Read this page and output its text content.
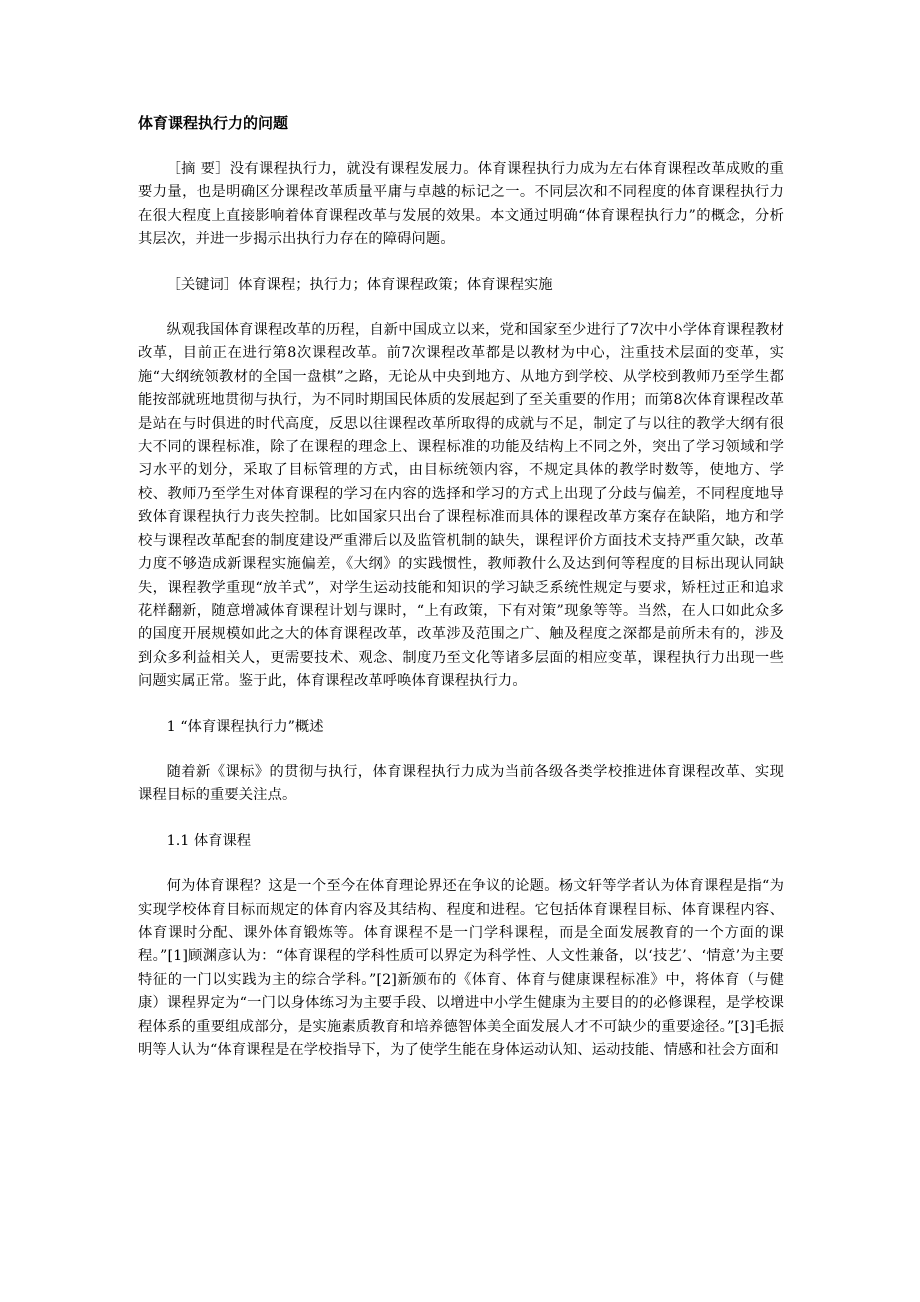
体育课程执行力的问题

［摘 要］没有课程执行力，就没有课程发展力。体育课程执行力成为左右体育课程改革成败的重要力量，也是明确区分课程改革质量平庸与卓越的标记之一。不同层次和不同程度的体育课程执行力在很大程度上直接影响着体育课程改革与发展的效果。本文通过明确“体育课程执行力”的概念，分析其层次，并进一步揭示出执行力存在的障碍问题。

［关键词］体育课程；执行力；体育课程政策；体育课程实施

纵观我国体育课程改革的历程，自新中国成立以来，党和国家至少进行了7次中小学体育课程教材改革，目前正在进行第8次课程改革。前7次课程改革都是以教材为中心，注重技术层面的变革，实施“大纲统领教材的全国一盘棋”之路，无论从中央到地方、从地方到学校、从学校到教师乃至学生都能按部就班地贯彻与执行，为不同时期国民体质的发展起到了至关重要的作用；而第8次体育课程改革是站在与时俱进的时代高度，反思以往课程改革所取得的成就与不足，制定了与以往的教学大纲有很大不同的课程标准，除了在课程的理念上、课程标准的功能及结构上不同之外，突出了学习领域和学习水平的划分，采取了目标管理的方式，由目标统领内容，不规定具体的教学时数等，使地方、学校、教师乃至学生对体育课程的学习在内容的选择和学习的方式上出现了分歧与偏差，不同程度地导致体育课程执行力丧失控制。比如国家只出台了课程标准而具体的课程改革方案存在缺陷，地方和学校与课程改革配套的制度建设严重滞后以及监管机制的缺失，课程评价方面技术支持严重欠缺，改革力度不够造成新课程实施偏差，《大纲》的实践惯性，教师教什么及达到何等程度的目标出现认同缺失，课程教学重现“放羊式”，对学生运动技能和知识的学习缺乏系统性规定与要求，矫枉过正和追求花样翻新，随意增减体育课程计划与课时，“上有政策，下有对策”现象等等。当然，在人口如此众多的国度开展规模如此之大的体育课程改革，改革涉及范围之广、触及程度之深都是前所未有的，涉及到众多利益相关人，更需要技术、观念、制度乃至文化等诸多层面的相应变革，课程执行力出现一些问题实属正常。鉴于此，体育课程改革呼唤体育课程执行力。

1 “体育课程执行力”概述

随着新《课标》的贯彻与执行，体育课程执行力成为当前各级各类学校推进体育课程改革、实现课程目标的重要关注点。

1.1 体育课程

何为体育课程？这是一个至今在体育理论界还在争议的论题。杨文轩等学者认为体育课程是指“为实现学校体育目标而规定的体育内容及其结构、程度和进程。它包括体育课程目标、体育课程内容、体育课时分配、课外体育锻炼等。体育课程不是一门学科课程，而是全面发展教育的一个方面的课程。”[1]顾渊彦认为：“体育课程的学科性质可以界定为科学性、人文性兼备，以‘技艺’、‘情意’为主要特征的一门以实践为主的综合学科。”[2]新颁布的《体育、体育与健康课程标准》中，将体育（与健康）课程界定为“一门以身体练习为主要手段、以增进中小学生健康为主要目的的必修课程，是学校课程体系的重要组成部分，是实施素质教育和培养德智体美全面发展人才不可缺少的重要途径。”[3]毛振明等人认为“体育课程是在学校指导下，为了使学生能在身体运动认知、运动技能、情感和社会方面和
